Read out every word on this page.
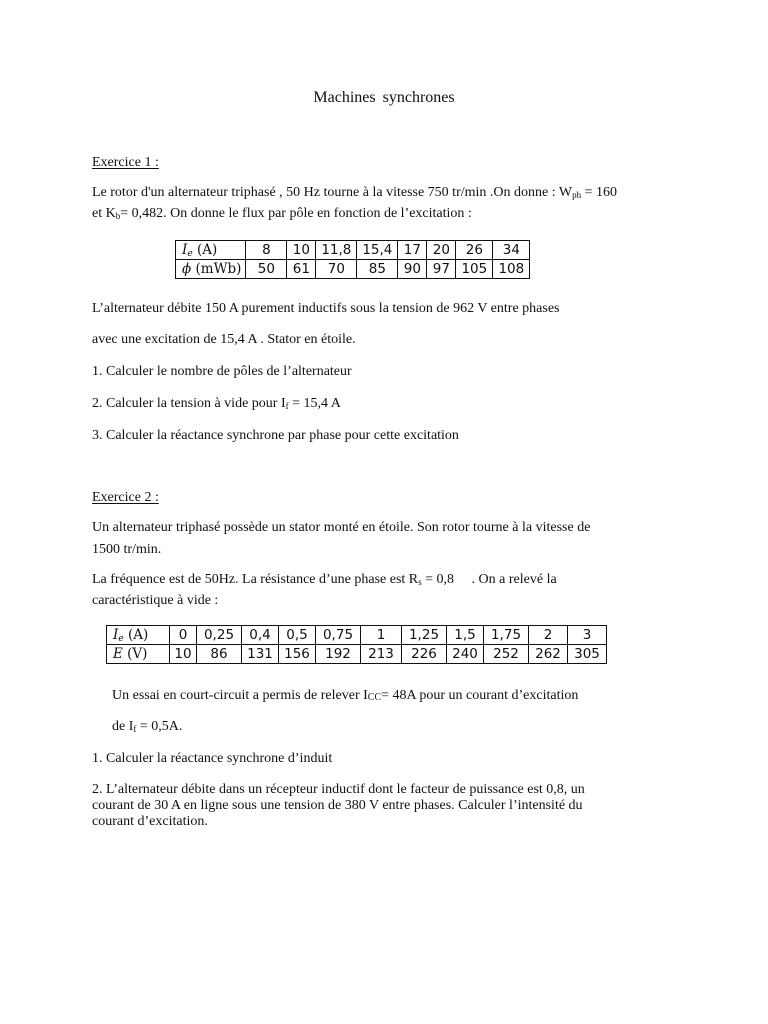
Machines synchrones
Exercice 1 :
Le rotor d'un alternateur triphasé , 50 Hz tourne à la vitesse 750 tr/min .On donne : $W_{ph} = 160$
et $K_b= 0,482$. On donne le flux par pôle en fonction de l’excitation :
Ie (A)	8	10	11,8	15,4	17	20	26	34
ϕ (mWb)	50	61	70	85	90	97	105	108
L’alternateur débite 150 A purement inductifs sous la tension de 962 V entre phases
avec une excitation de 15,4 A . Stator en étoile.
1. Calculer le nombre de pôles de l’alternateur
2. Calculer la tension à vide pour $I_f = 15,4$ A
3. Calculer la réactance synchrone par phase pour cette excitation
Exercice 2 :
Un alternateur triphasé possède un stator monté en étoile. Son rotor tourne à la vitesse de
1500 tr/min.
La fréquence est de 50Hz. La résistance d’une phase est $R_s = 0,8$     . On a relevé la
caractéristique à vide :
Ie (A)	0	0,25	0,4	0,5	0,75	1	1,25	1,5	1,75	2	3
E (V)	10	86	131	156	192	213	226	240	252	262	305
Un essai en court-circuit a permis de relever $I_{CC}= 48A$ pour un courant d’excitation
de $I_f = 0,5A$.
1. Calculer la réactance synchrone d’induit
2. L’alternateur débite dans un récepteur inductif dont le facteur de puissance est 0,8, un
courant de 30 A en ligne sous une tension de 380 V entre phases. Calculer l’intensité du
courant d’excitation.
